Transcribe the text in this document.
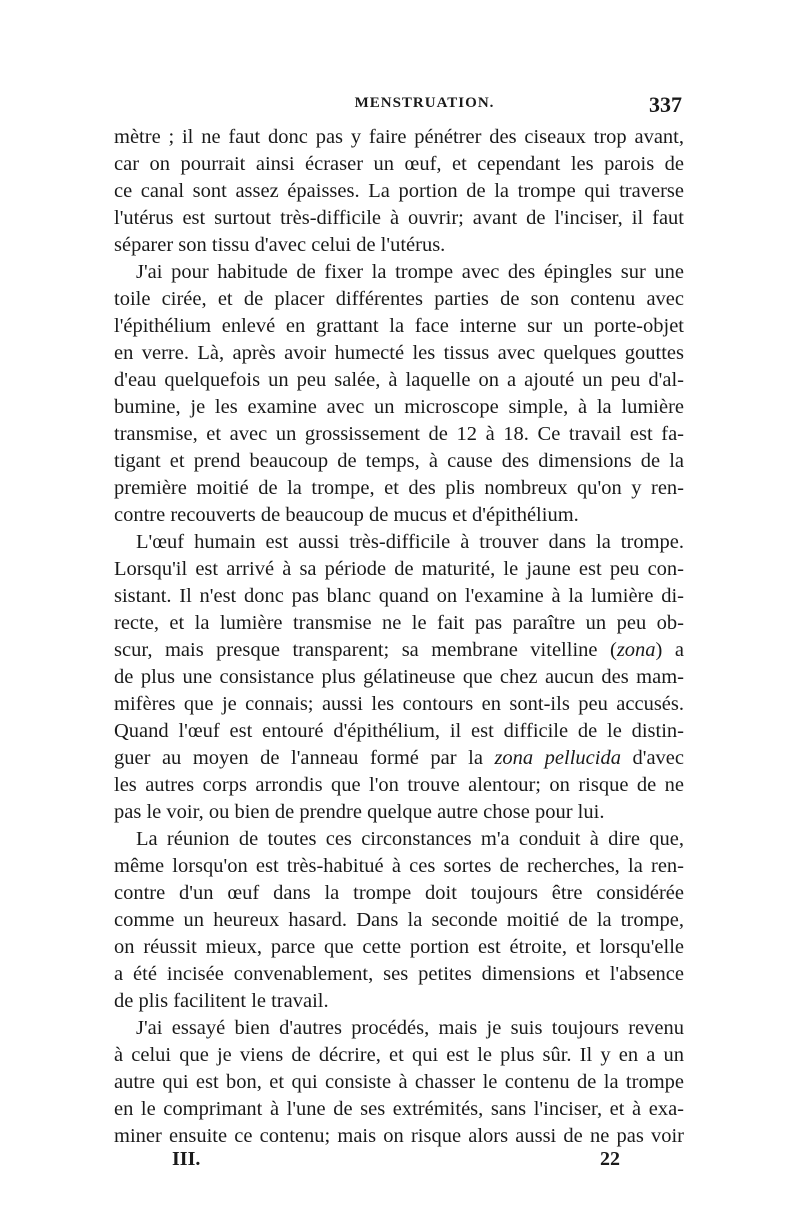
MENSTRUATION.	337
mètre ; il ne faut donc pas y faire pénétrer des ciseaux trop avant,
car on pourrait ainsi écraser un œuf, et cependant les parois de
ce canal sont assez épaisses. La portion de la trompe qui traverse
l'utérus est surtout très-difficile à ouvrir; avant de l'inciser, il faut
séparer son tissu d'avec celui de l'utérus.
J'ai pour habitude de fixer la trompe avec des épingles sur une
toile cirée, et de placer différentes parties de son contenu avec
l'épithélium enlevé en grattant la face interne sur un porte-objet
en verre. Là, après avoir humecté les tissus avec quelques gouttes
d'eau quelquefois un peu salée, à laquelle on a ajouté un peu d'al-
bumine, je les examine avec un microscope simple, à la lumière
transmise, et avec un grossissement de 12 à 18. Ce travail est fa-
tigant et prend beaucoup de temps, à cause des dimensions de la
première moitié de la trompe, et des plis nombreux qu'on y ren-
contre recouverts de beaucoup de mucus et d'épithélium.
L'œuf humain est aussi très-difficile à trouver dans la trompe.
Lorsqu'il est arrivé à sa période de maturité, le jaune est peu con-
sistant. Il n'est donc pas blanc quand on l'examine à la lumière di-
recte, et la lumière transmise ne le fait pas paraître un peu ob-
scur, mais presque transparent; sa membrane vitelline (zona) a
de plus une consistance plus gélatineuse que chez aucun des mam-
mifères que je connais; aussi les contours en sont-ils peu accusés.
Quand l'œuf est entouré d'épithélium, il est difficile de le distin-
guer au moyen de l'anneau formé par la zona pellucida d'avec
les autres corps arrondis que l'on trouve alentour; on risque de ne
pas le voir, ou bien de prendre quelque autre chose pour lui.
La réunion de toutes ces circonstances m'a conduit à dire que,
même lorsqu'on est très-habitué à ces sortes de recherches, la ren-
contre d'un œuf dans la trompe doit toujours être considérée
comme un heureux hasard. Dans la seconde moitié de la trompe,
on réussit mieux, parce que cette portion est étroite, et lorsqu'elle
a été incisée convenablement, ses petites dimensions et l'absence
de plis facilitent le travail.
J'ai essayé bien d'autres procédés, mais je suis toujours revenu
à celui que je viens de décrire, et qui est le plus sûr. Il y en a un
autre qui est bon, et qui consiste à chasser le contenu de la trompe
en le comprimant à l'une de ses extrémités, sans l'inciser, et à exa-
miner ensuite ce contenu; mais on risque alors aussi de ne pas voir
III.	22
